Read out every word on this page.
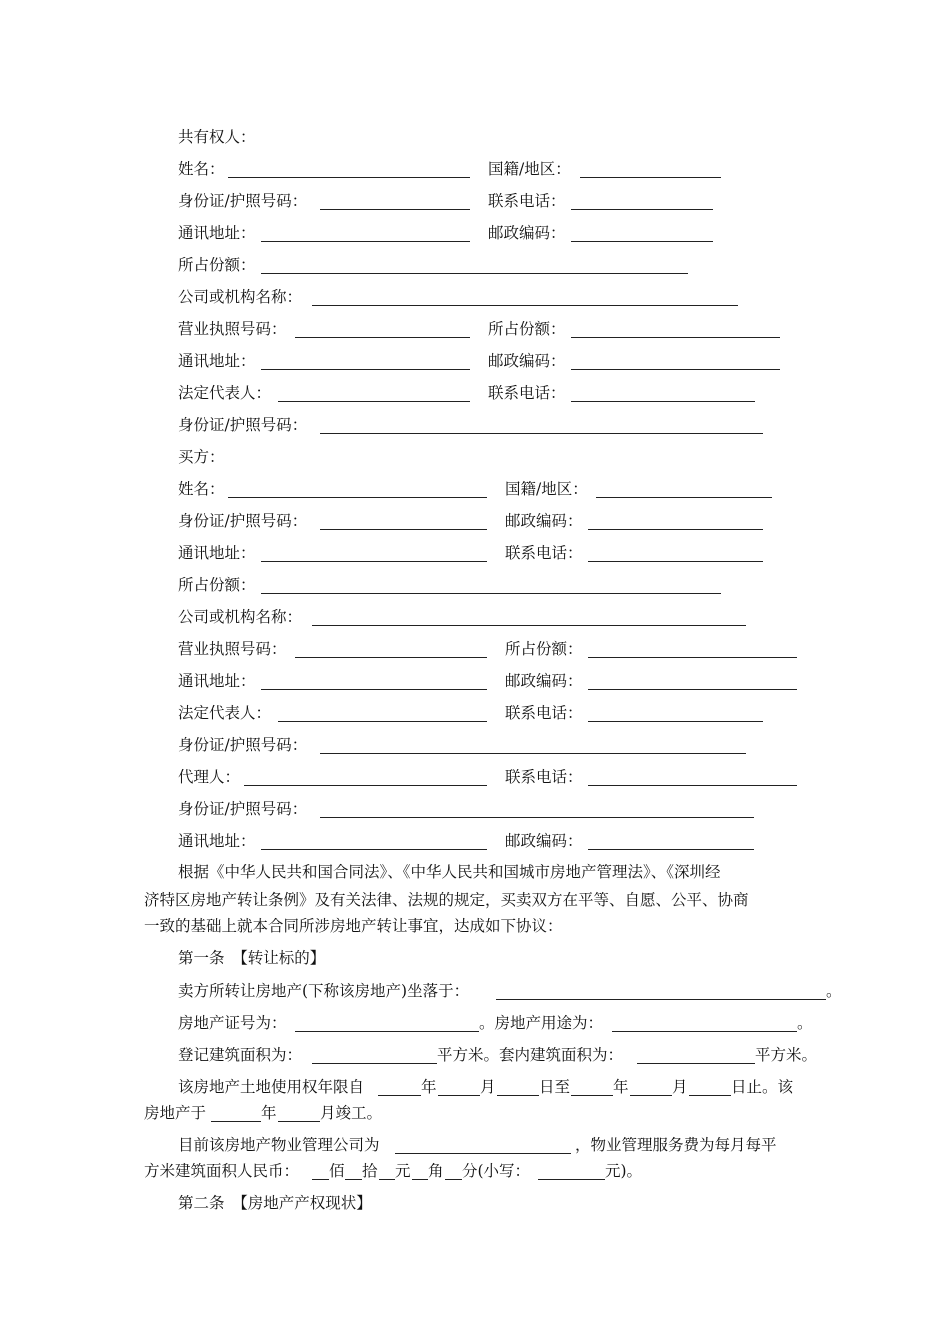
共有权人：
姓名：	国籍/地区：
身份证/护照号码：	联系电话：
通讯地址：	邮政编码：
所占份额：
公司或机构名称：
营业执照号码：	所占份额：
通讯地址：	邮政编码：
法定代表人：	联系电话：
身份证/护照号码：
买方：
姓名：	国籍/地区：
身份证/护照号码：	邮政编码：
通讯地址：	联系电话：
所占份额：
公司或机构名称：
营业执照号码：	所占份额：
通讯地址：	邮政编码：
法定代表人：	联系电话：
身份证/护照号码：
代理人：	联系电话：
身份证/护照号码：
通讯地址：	邮政编码：
根据《中华人民共和国合同法》、《中华人民共和国城市房地产管理法》、《深圳经
济特区房地产转让条例》及有关法律、法规的规定，买卖双方在平等、自愿、公平、协商
一致的基础上就本合同所涉房地产转让事宜，达成如下协议：
第一条　【转让标的】
卖方所转让房地产(下称该房地产)坐落于：	。
房地产证号为：	。房地产用途为：	。
登记建筑面积为：	平方米。套内建筑面积为：	平方米。
该房地产土地使用权年限自	年	月	日至	年	月	日止。该
房地产于	年	月竣工。
目前该房地产物业管理公司为	，物业管理服务费为每月每平
方米建筑面积人民币： 佰 拾 元 角 分(小写：	元)。
第二条　【房地产产权现状】
